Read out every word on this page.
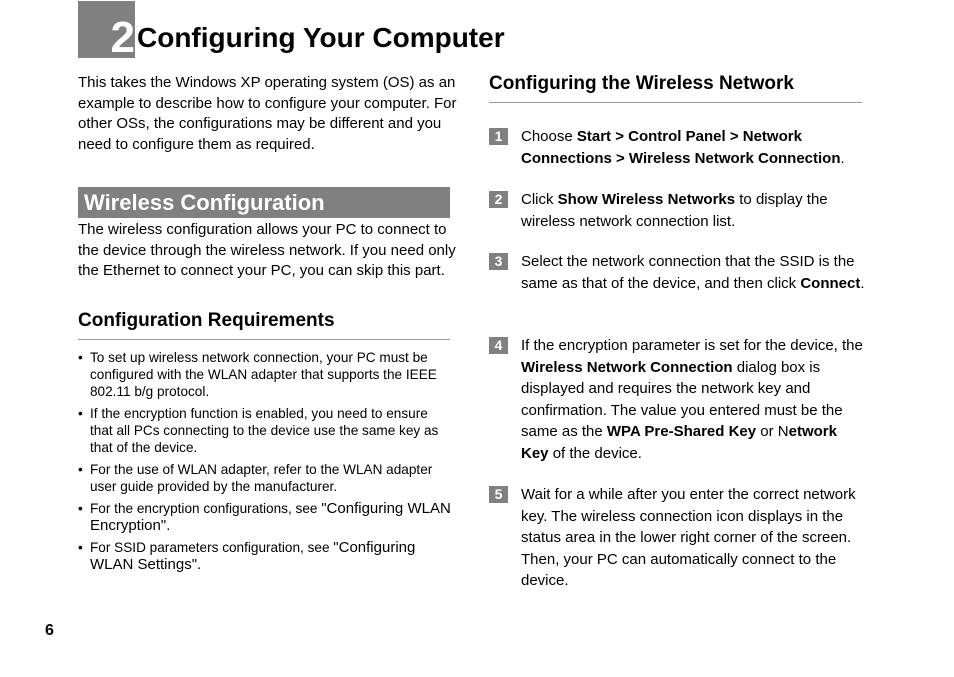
2 Configuring Your Computer

This takes the Windows XP operating system (OS) as an example to describe how to configure your computer. For other OSs, the configurations may be different and you need to configure them as required.

Wireless Configuration

The wireless configuration allows your PC to connect to the device through the wireless network. If you need only the Ethernet to connect your PC, you can skip this part.

Configuration Requirements
• To set up wireless network connection, your PC must be configured with the WLAN adapter that supports the IEEE 802.11 b/g protocol.
• If the encryption function is enabled, you need to ensure that all PCs connecting to the device use the same key as that of the device.
• For the use of WLAN adapter, refer to the WLAN adapter user guide provided by the manufacturer.
• For the encryption configurations, see "Configuring WLAN Encryption".
• For SSID parameters configuration, see "Configuring WLAN Settings".
Configuring the Wireless Network
1	Choose Start > Control Panel > Network Connections > Wireless Network Connection.

2	Click Show Wireless Networks to display the wireless network connection list.

3	Select the network connection that the SSID is the same as that of the device, and then click Connect.

4	If the encryption parameter is set for the device, the Wireless Network Connection dialog box is displayed and requires the network key and confirmation. The value you entered must be the same as the WPA Pre-Shared Key or Network Key of the device.

5	Wait for a while after you enter the correct network key. The wireless connection icon displays in the status area in the lower right corner of the screen. Then, your PC can automatically connect to the device.

6
